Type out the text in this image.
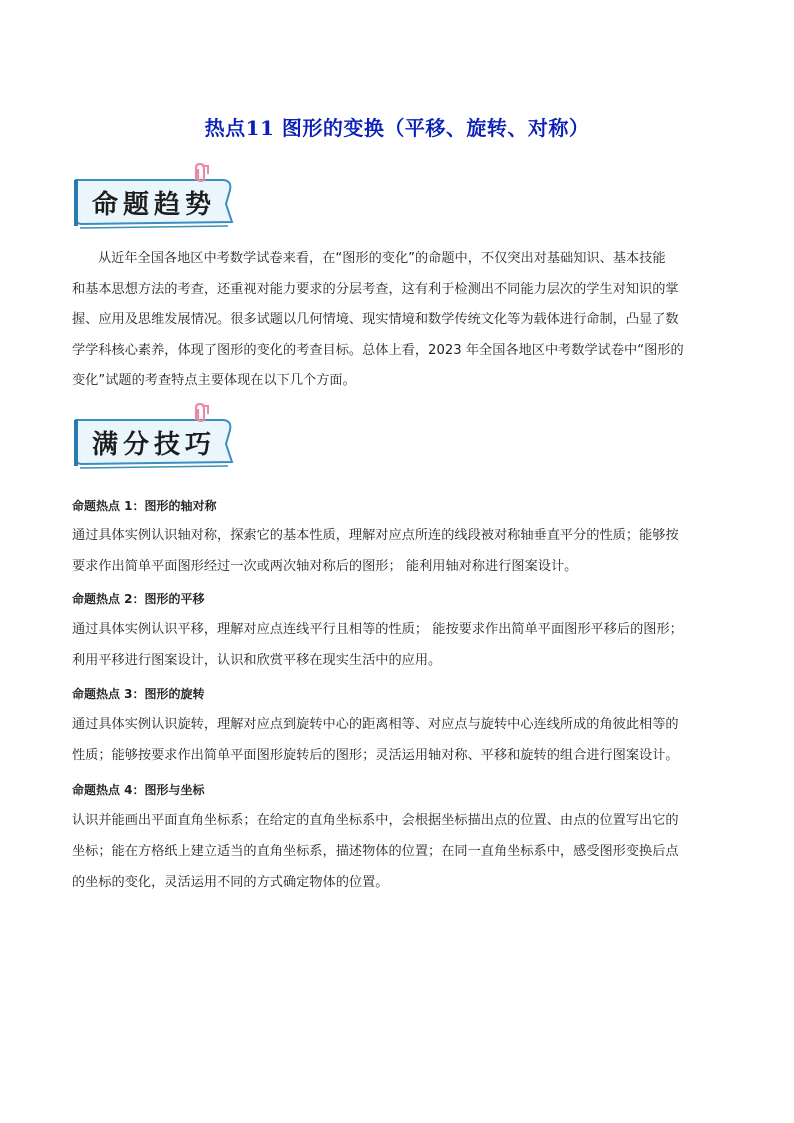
热点11 图形的变换（平移、旋转、对称）
命题趋势
从近年全国各地区中考数学试卷来看，在“图形的变化”的命题中，不仅突出对基础知识、基本技能
和基本思想方法的考查，还重视对能力要求的分层考查，这有利于检测出不同能力层次的学生对知识的掌
握、应用及思维发展情况。很多试题以几何情境、现实情境和数学传统文化等为载体进行命制，凸显了数
学学科核心素养，体现了图形的变化的考查目标。总体上看，2023 年全国各地区中考数学试卷中“图形的
变化”试题的考查特点主要体现在以下几个方面。
满分技巧
命题热点 1：图形的轴对称
通过具体实例认识轴对称，探索它的基本性质，理解对应点所连的线段被对称轴垂直平分的性质；能够按
要求作出简单平面图形经过一次或两次轴对称后的图形； 能利用轴对称进行图案设计。
命题热点 2：图形的平移
通过具体实例认识平移，理解对应点连线平行且相等的性质； 能按要求作出简单平面图形平移后的图形；
利用平移进行图案设计，认识和欣赏平移在现实生活中的应用。
命题热点 3：图形的旋转
通过具体实例认识旋转，理解对应点到旋转中心的距离相等、对应点与旋转中心连线所成的角彼此相等的
性质；能够按要求作出简单平面图形旋转后的图形；灵活运用轴对称、平移和旋转的组合进行图案设计。
命题热点 4：图形与坐标
认识并能画出平面直角坐标系；在给定的直角坐标系中，会根据坐标描出点的位置、由点的位置写出它的
坐标；能在方格纸上建立适当的直角坐标系，描述物体的位置；在同一直角坐标系中，感受图形变换后点
的坐标的变化，灵活运用不同的方式确定物体的位置。
